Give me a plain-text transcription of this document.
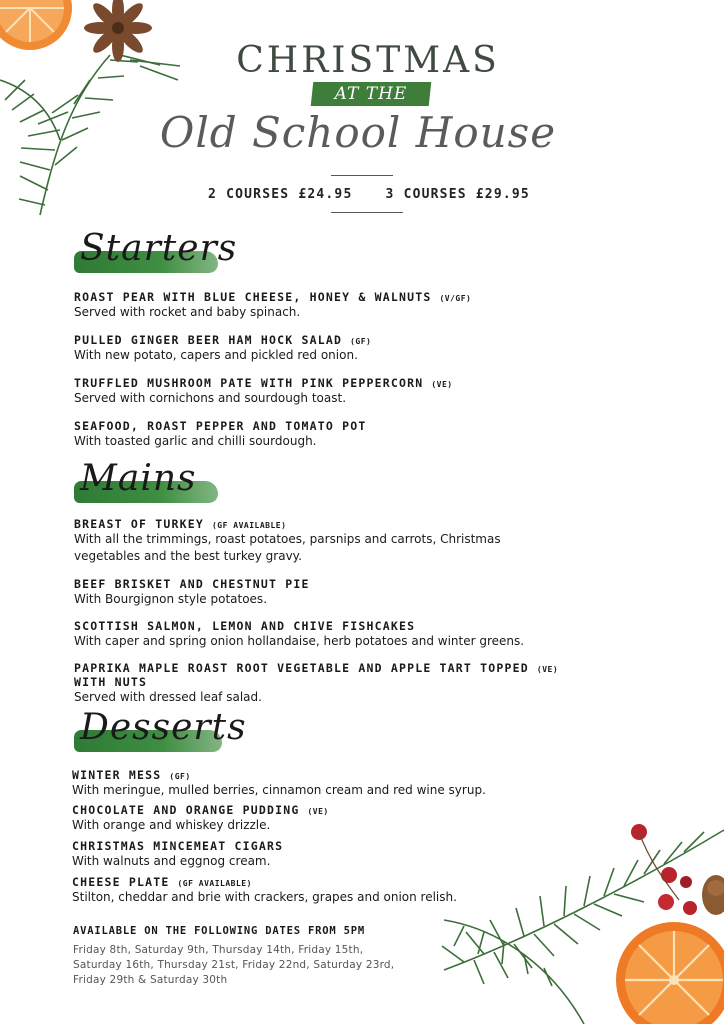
CHRISTMAS
AT THE
Old School House
2 COURSES £24.95	3 COURSES £29.95
Starters
ROAST PEAR WITH BLUE CHEESE, HONEY & WALNUTS (V/GF)
Served with rocket and baby spinach.
PULLED GINGER BEER HAM HOCK SALAD (GF)
With new potato, capers and pickled red onion.
TRUFFLED MUSHROOM PATE WITH PINK PEPPERCORN (VE)
Served with cornichons and sourdough toast.
SEAFOOD, ROAST PEPPER AND TOMATO POT
With toasted garlic and chilli sourdough.
Mains
BREAST OF TURKEY (GF AVAILABLE)
With all the trimmings, roast potatoes, parsnips and carrots, Christmas vegetables and the best turkey gravy.
BEEF BRISKET AND CHESTNUT PIE
With Bourgignon style potatoes.
SCOTTISH SALMON, LEMON AND CHIVE FISHCAKES
With caper and spring onion hollandaise, herb potatoes and winter greens.
PAPRIKA MAPLE ROAST ROOT VEGETABLE AND APPLE TART TOPPED (VE)
WITH NUTS
Served with dressed leaf salad.
Desserts
WINTER MESS (GF)
With meringue, mulled berries, cinnamon cream and red wine syrup.
CHOCOLATE AND ORANGE PUDDING (VE)
With orange and whiskey drizzle.
CHRISTMAS MINCEMEAT CIGARS
With walnuts and eggnog cream.
CHEESE PLATE (GF AVAILABLE)
Stilton, cheddar and brie with crackers, grapes and onion relish.
AVAILABLE ON THE FOLLOWING DATES FROM 5PM
Friday 8th, Saturday 9th, Thursday 14th, Friday 15th,
Saturday 16th, Thursday 21st, Friday 22nd, Saturday 23rd,
Friday 29th & Saturday 30th
